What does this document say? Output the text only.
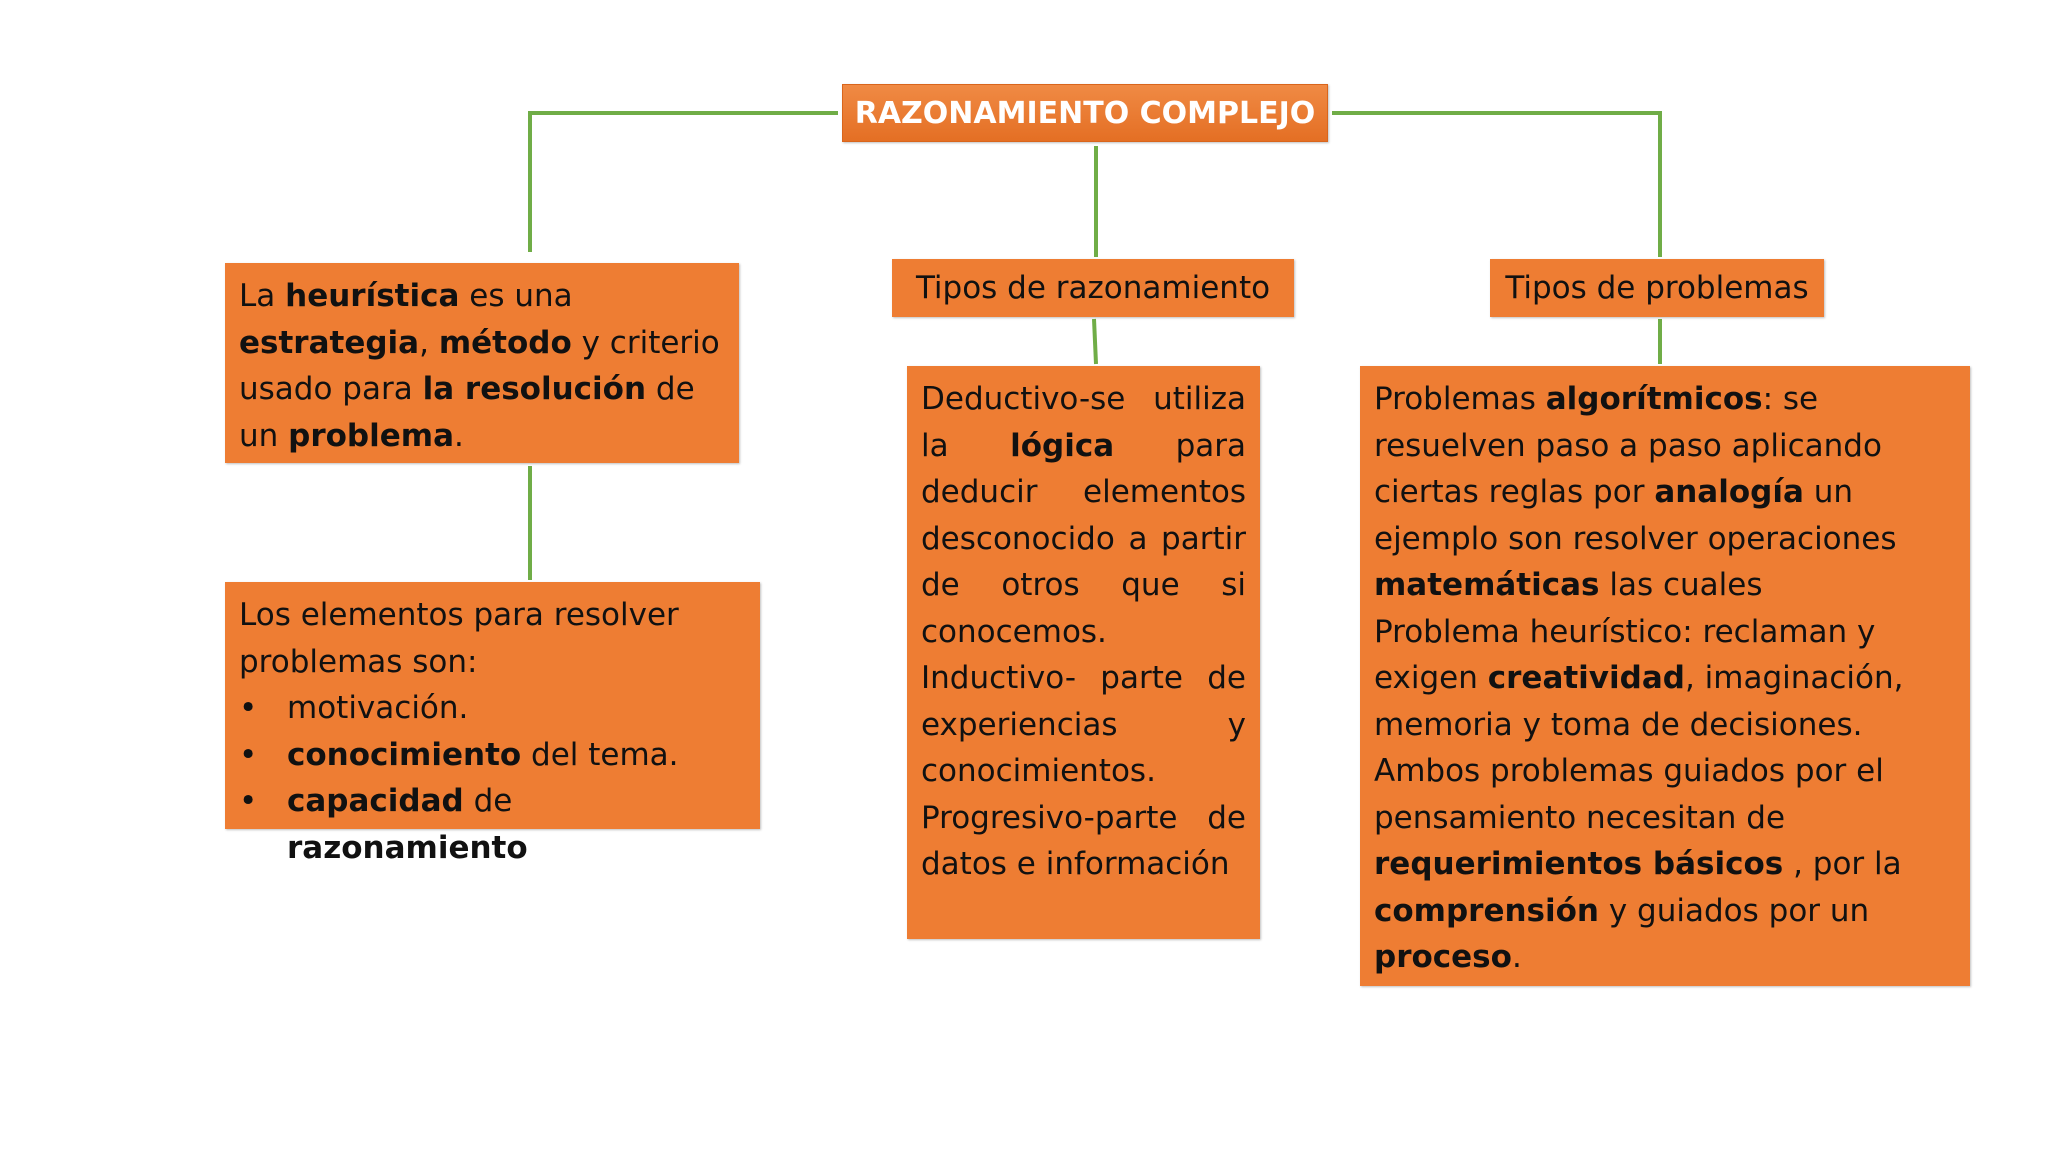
RAZONAMIENTO COMPLEJO
Tipos de razonamiento	Tipos de problemas

La heurística es una estrategia, método y criterio usado para la resolución de un problema.

Los elementos para resolver problemas son:

• motivación.
• conocimiento del tema.
• capacidad de razonamiento.

Deductivo-se utiliza la lógica para deducir elementos desconocido a partir de otros que si conocemos.

Inductivo- parte de experiencias y conocimientos.

Progresivo-parte de datos e información

Problemas algorítmicos: se resuelven paso a paso aplicando ciertas reglas por analogía un ejemplo son resolver operaciones matemáticas las cuales

Problema heurístico: reclaman y exigen creatividad, imaginación, memoria y toma de decisiones.

Ambos problemas guiados por el pensamiento necesitan de requerimientos básicos , por la comprensión y guiados por un proceso.
